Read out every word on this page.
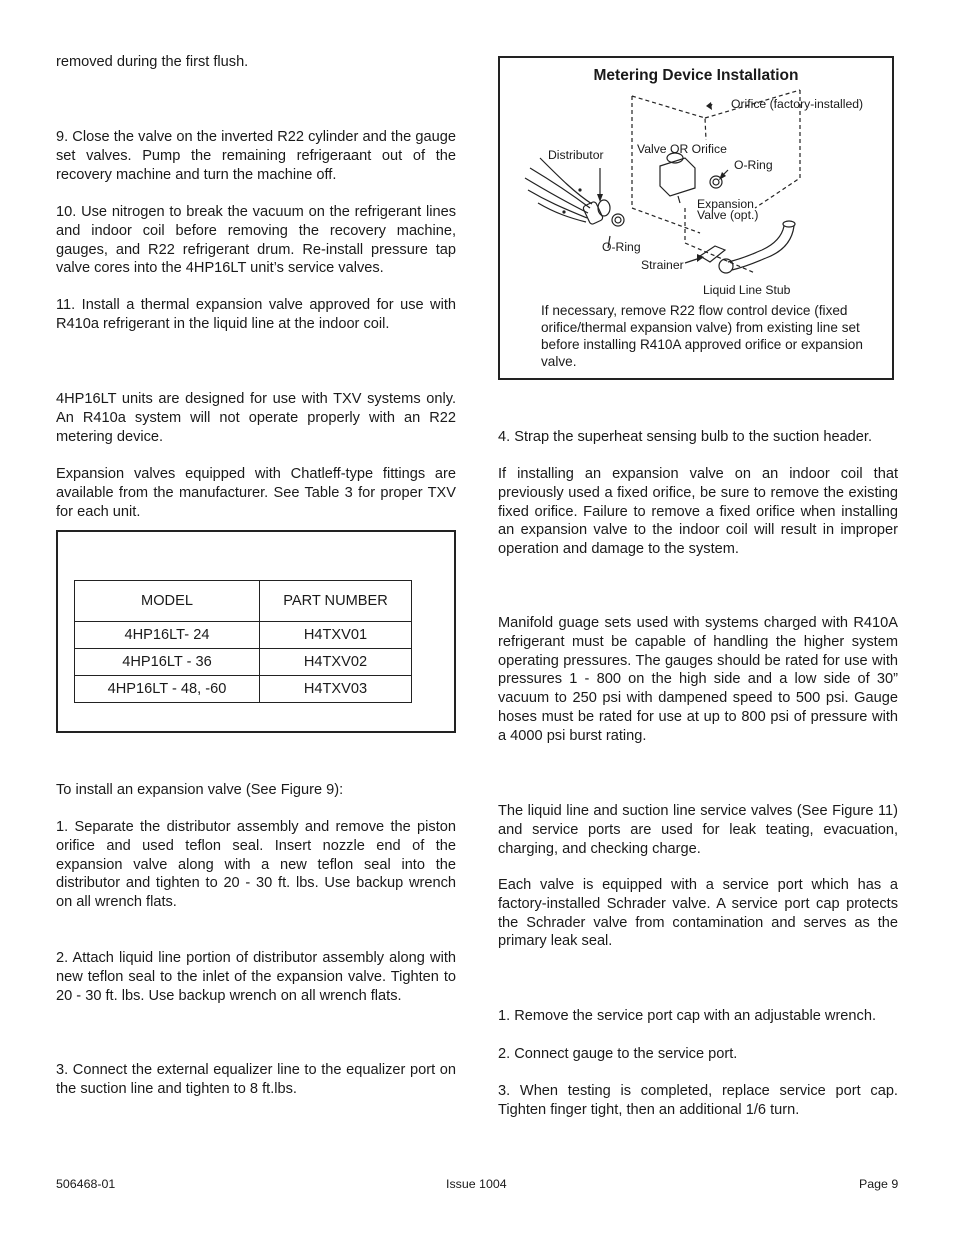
removed during the first flush.

9. Close the valve on the inverted R22 cylinder and the gauge set valves. Pump the remaining refrigeraant out of the recovery machine and turn the machine off.

10. Use nitrogen to break the vacuum on the refrigerant lines and indoor coil before removing the recovery machine, gauges, and R22 refrigerant drum. Re-install pressure tap valve cores into the 4HP16LT unit’s service valves.

11. Install a thermal expansion valve approved for use with R410a refrigerant in the liquid line at the indoor coil.

4HP16LT units are designed for use with TXV systems only. An R410a system will not operate properly with an R22 metering device.

Expansion valves equipped with Chatleff-type fittings are available from the manufacturer. See Table 3 for proper TXV for each unit.

To install an expansion valve (See Figure 9):

1. Separate the distributor assembly and remove the piston orifice and used teflon seal. Insert nozzle end of the expansion valve along with a new teflon seal into the distributor and tighten to 20 - 30 ft. lbs. Use backup wrench on all wrench flats.

2. Attach liquid line portion of distributor assembly along with new teflon seal to the inlet of the expansion valve. Tighten to 20 - 30 ft. lbs. Use backup wrench on all wrench flats.

3. Connect the external equalizer line to the equalizer port on the suction line and tighten to 8 ft.lbs.

MODEL	PART NUMBER
4HP16LT- 24	H4TXV01
4HP16LT - 36	H4TXV02
4HP16LT - 48, -60	H4TXV03
Metering Device Installation
Orifice (factory-installed)
Distributor	Valve OR Orifice
O-Ring
Expansion
Valve (opt.)
O-Ring
Strainer
Liquid Line Stub
If necessary, remove R22 flow control device (fixed orifice/thermal expansion valve) from existing line set before installing R410A approved orifice or expansion valve.

4. Strap the superheat sensing bulb to the suction header.

If installing an expansion valve on an indoor coil that previously used a fixed orifice, be sure to remove the existing fixed orifice. Failure to remove a fixed orifice when installing an expansion valve to the indoor coil will result in improper operation and damage to the system.

Manifold guage sets used with systems charged with R410A refrigerant must be capable of handling the higher system operating pressures. The gauges should be rated for use with pressures 1 - 800 on the high side and a low side of 30” vacuum to 250 psi with dampened speed to 500 psi. Gauge hoses must be rated for use at up to 800 psi of pressure with a 4000 psi burst rating.

The liquid line and suction line service valves (See Figure 11) and service ports are used for leak teating, evacuation, charging, and checking charge.

Each valve is equipped with a service port which has a factory-installed Schrader valve. A service port cap protects the Schrader valve from contamination and serves as the primary leak seal.

1. Remove the service port cap with an adjustable wrench.

2. Connect gauge to the service port.

3. When testing is completed, replace service port cap. Tighten finger tight, then an additional 1/6 turn.

506468-01	Issue 1004	Page 9
